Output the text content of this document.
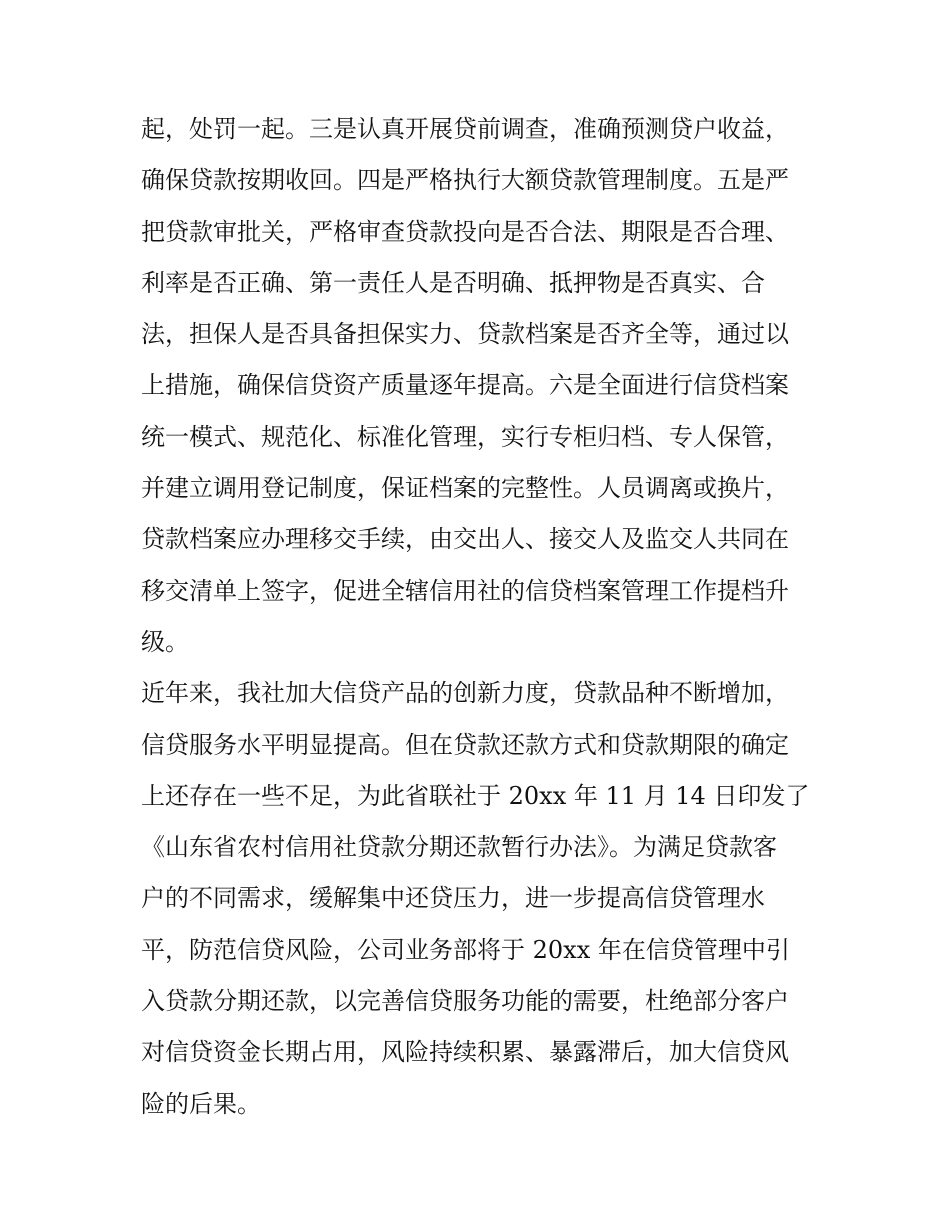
起，处罚一起。三是认真开展贷前调查，准确预测贷户收益，
确保贷款按期收回。四是严格执行大额贷款管理制度。五是严
把贷款审批关，严格审查贷款投向是否合法、期限是否合理、
利率是否正确、第一责任人是否明确、抵押物是否真实、合
法，担保人是否具备担保实力、贷款档案是否齐全等，通过以
上措施，确保信贷资产质量逐年提高。六是全面进行信贷档案
统一模式、规范化、标准化管理，实行专柜归档、专人保管，
并建立调用登记制度，保证档案的完整性。人员调离或换片，
贷款档案应办理移交手续，由交出人、接交人及监交人共同在
移交清单上签字，促进全辖信用社的信贷档案管理工作提档升
级。
近年来，我社加大信贷产品的创新力度，贷款品种不断增加，
信贷服务水平明显提高。但在贷款还款方式和贷款期限的确定
上还存在一些不足，为此省联社于 20xx 年 11 月 14 日印发了
《山东省农村信用社贷款分期还款暂行办法》。为满足贷款客
户的不同需求，缓解集中还贷压力，进一步提高信贷管理水
平，防范信贷风险，公司业务部将于 20xx 年在信贷管理中引
入贷款分期还款，以完善信贷服务功能的需要，杜绝部分客户
对信贷资金长期占用，风险持续积累、暴露滞后，加大信贷风
险的后果。
